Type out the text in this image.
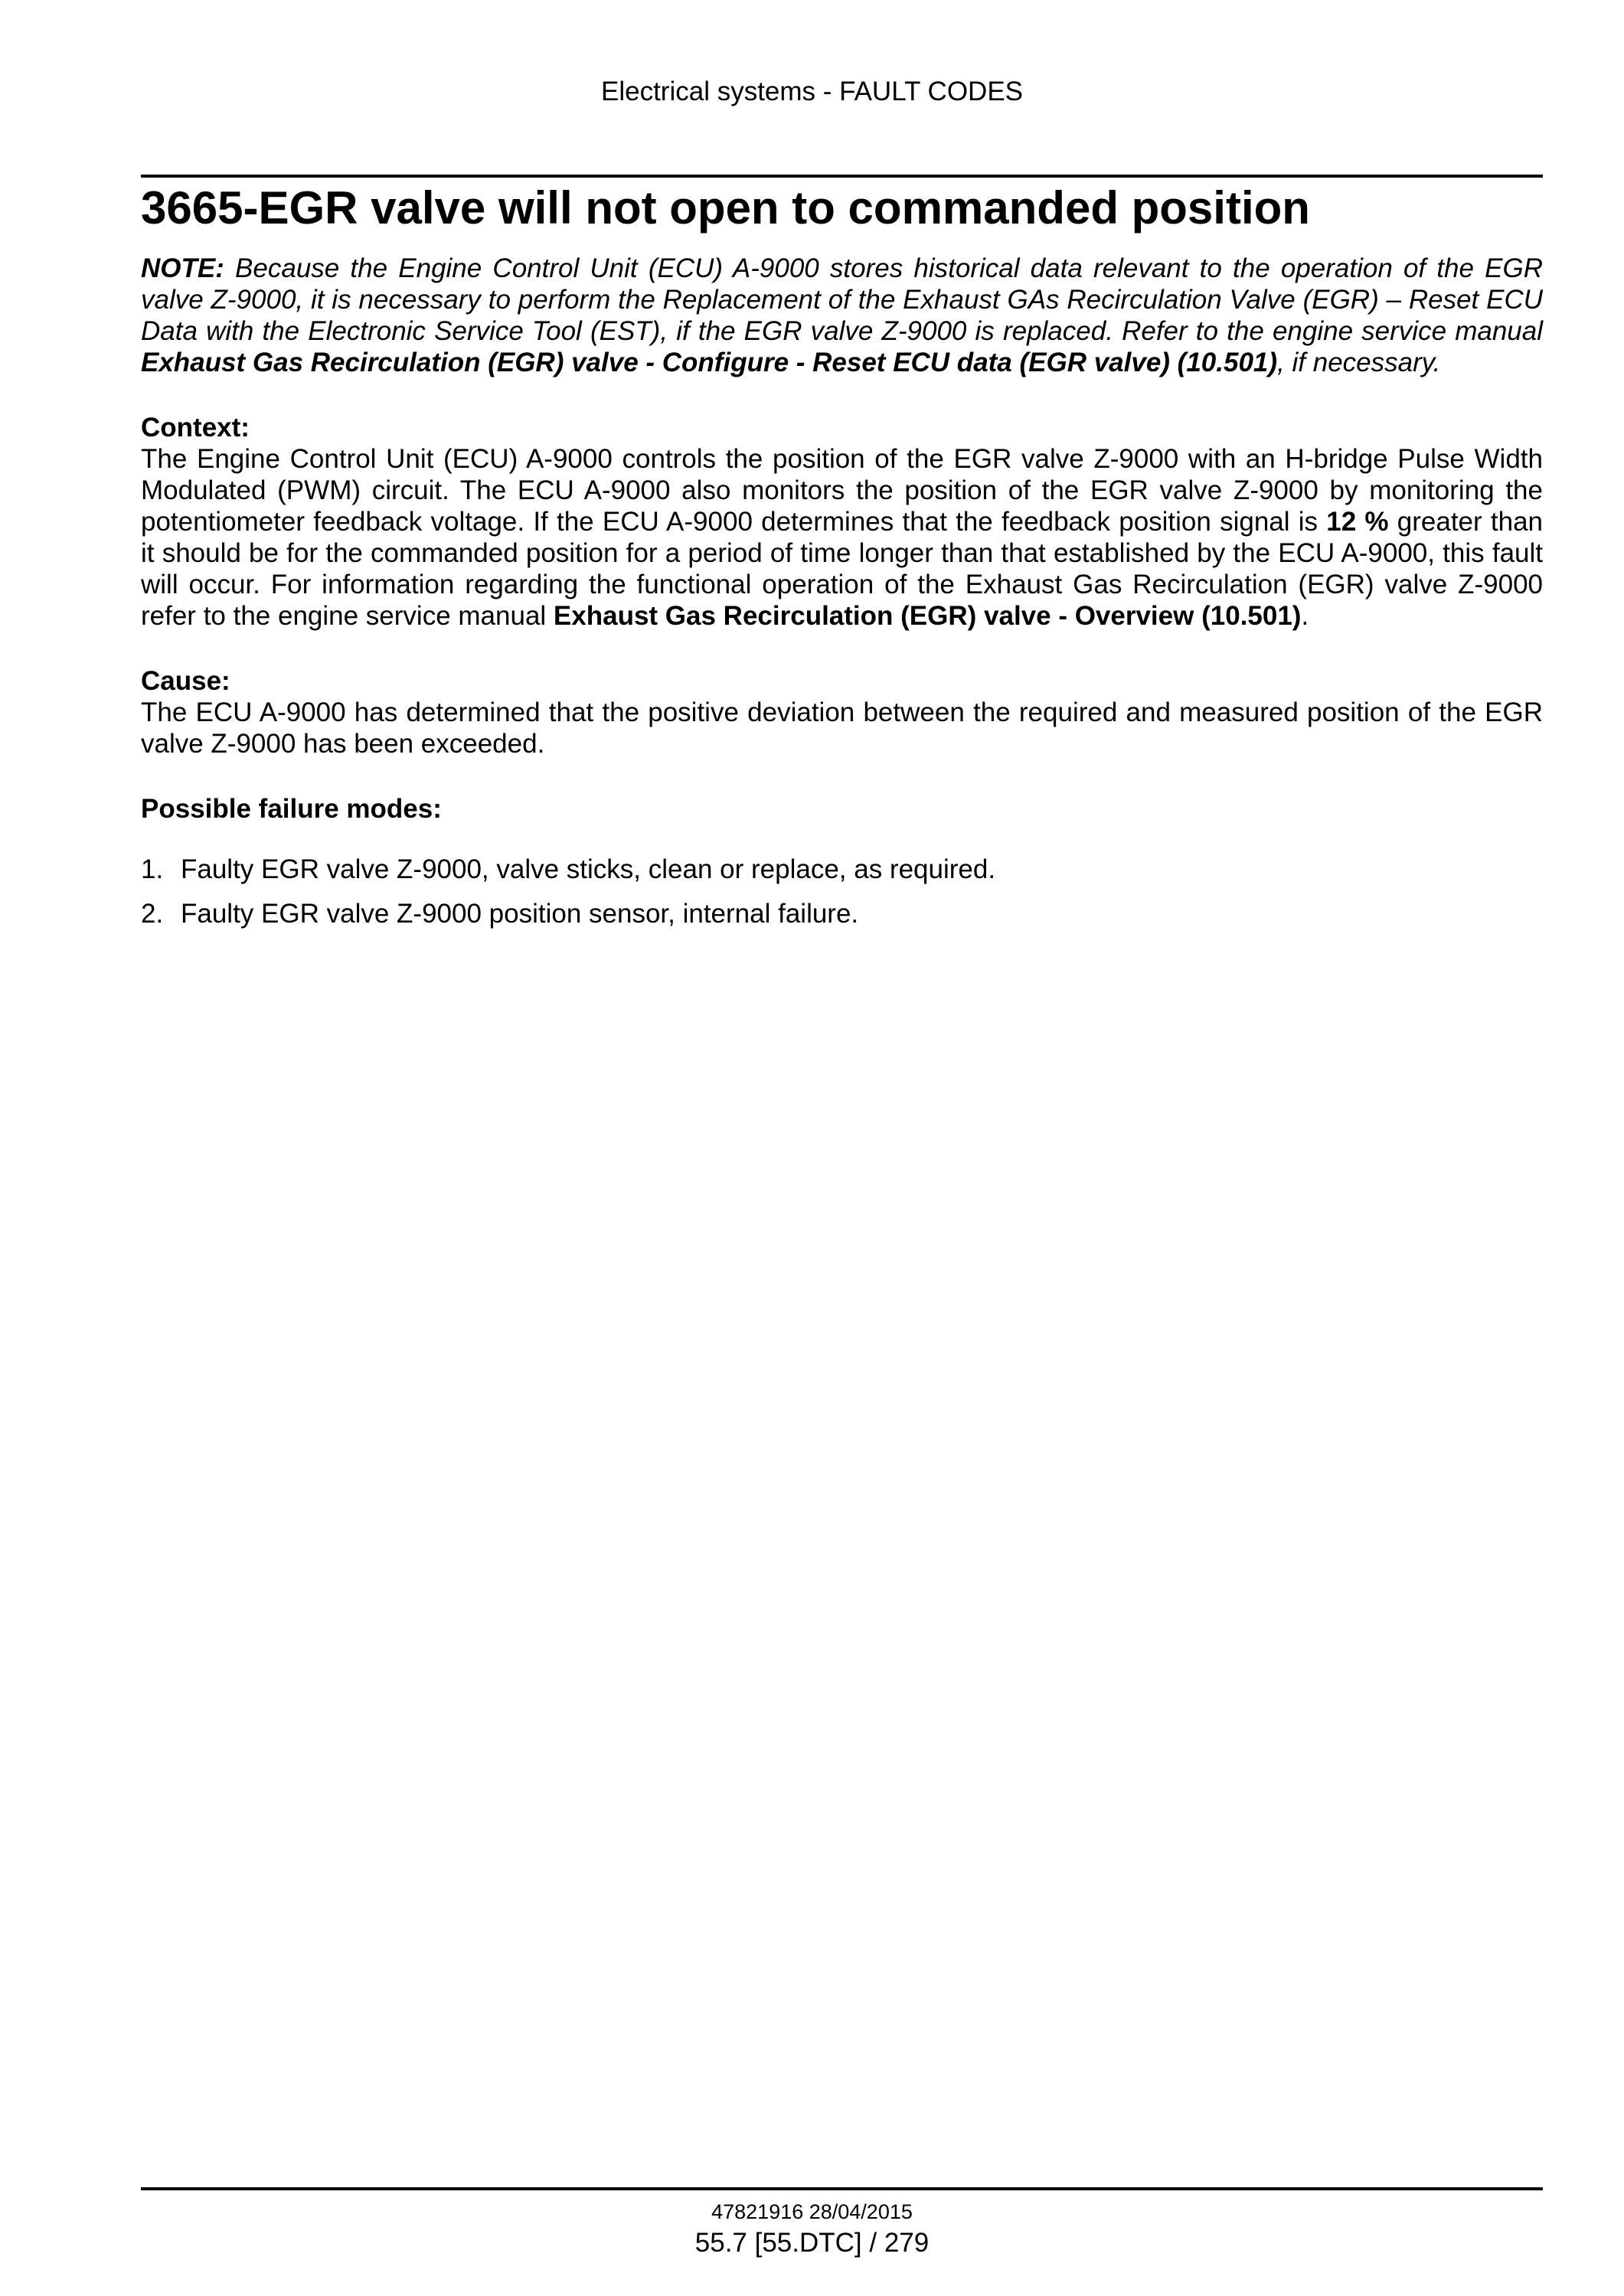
Electrical systems - FAULT CODES
3665-EGR valve will not open to commanded position

NOTE: Because the Engine Control Unit (ECU) A-9000 stores historical data relevant to the operation of the EGR valve Z-9000, it is necessary to perform the Replacement of the Exhaust GAs Recirculation Valve (EGR) – Reset ECU Data with the Electronic Service Tool (EST), if the EGR valve Z-9000 is replaced. Refer to the engine service manual Exhaust Gas Recirculation (EGR) valve - Configure - Reset ECU data (EGR valve) (10.501), if necessary.

Context:

The Engine Control Unit (ECU) A-9000 controls the position of the EGR valve Z-9000 with an H-bridge Pulse Width Modulated (PWM) circuit. The ECU A-9000 also monitors the position of the EGR valve Z-9000 by monitoring the potentiometer feedback voltage. If the ECU A-9000 determines that the feedback position signal is 12 % greater than it should be for the commanded position for a period of time longer than that established by the ECU A-9000, this fault will occur. For information regarding the functional operation of the Exhaust Gas Recirculation (EGR) valve Z-9000 refer to the engine service manual Exhaust Gas Recirculation (EGR) valve - Overview (10.501).

Cause:

The ECU A-9000 has determined that the positive deviation between the required and measured position of the EGR valve Z-9000 has been exceeded.

Possible failure modes:
1. Faulty EGR valve Z-9000, valve sticks, clean or replace, as required.
2. Faulty EGR valve Z-9000 position sensor, internal failure.
47821916 28/04/2015
55.7 [55.DTC] / 279
